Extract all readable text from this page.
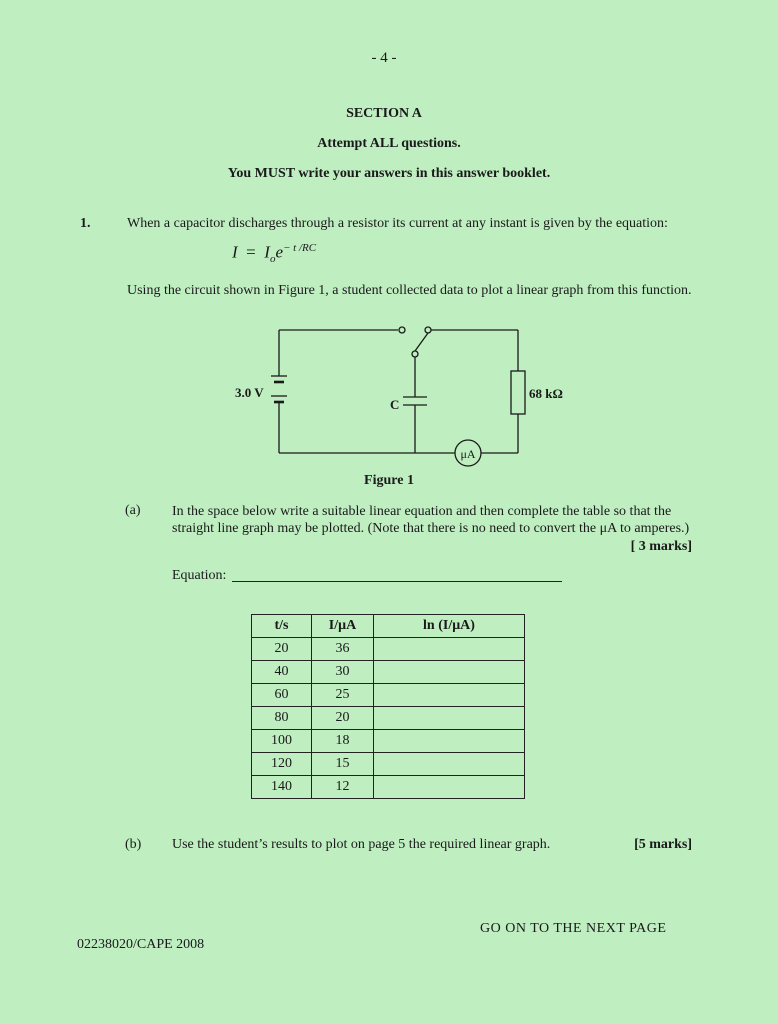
- 4 -
SECTION A
Attempt ALL questions.
You MUST write your answers in this answer booklet.
1.	When a capacitor discharges through a resistor its current at any instant is given by the equation:
$I = I_oe^{- t /RC}$
Using the circuit shown in Figure 1, a student collected data to plot a linear graph from this function.
3.0 V
C
68 kΩ
μA
Figure 1
(a) In the space below write a suitable linear equation and then complete the table so that the straight line graph may be plotted. (Note that there is no need to convert the μA to amperes.)
[ 3 marks]
Equation:
t/s	I/μA	ln (I/μA)
20	36	
40	30	
60	25	
80	20	
100	18	
120	15	
140	12	
(b) Use the student’s results to plot on page 5 the required linear graph.	[5 marks]
GO ON TO THE NEXT PAGE
02238020/CAPE 2008
